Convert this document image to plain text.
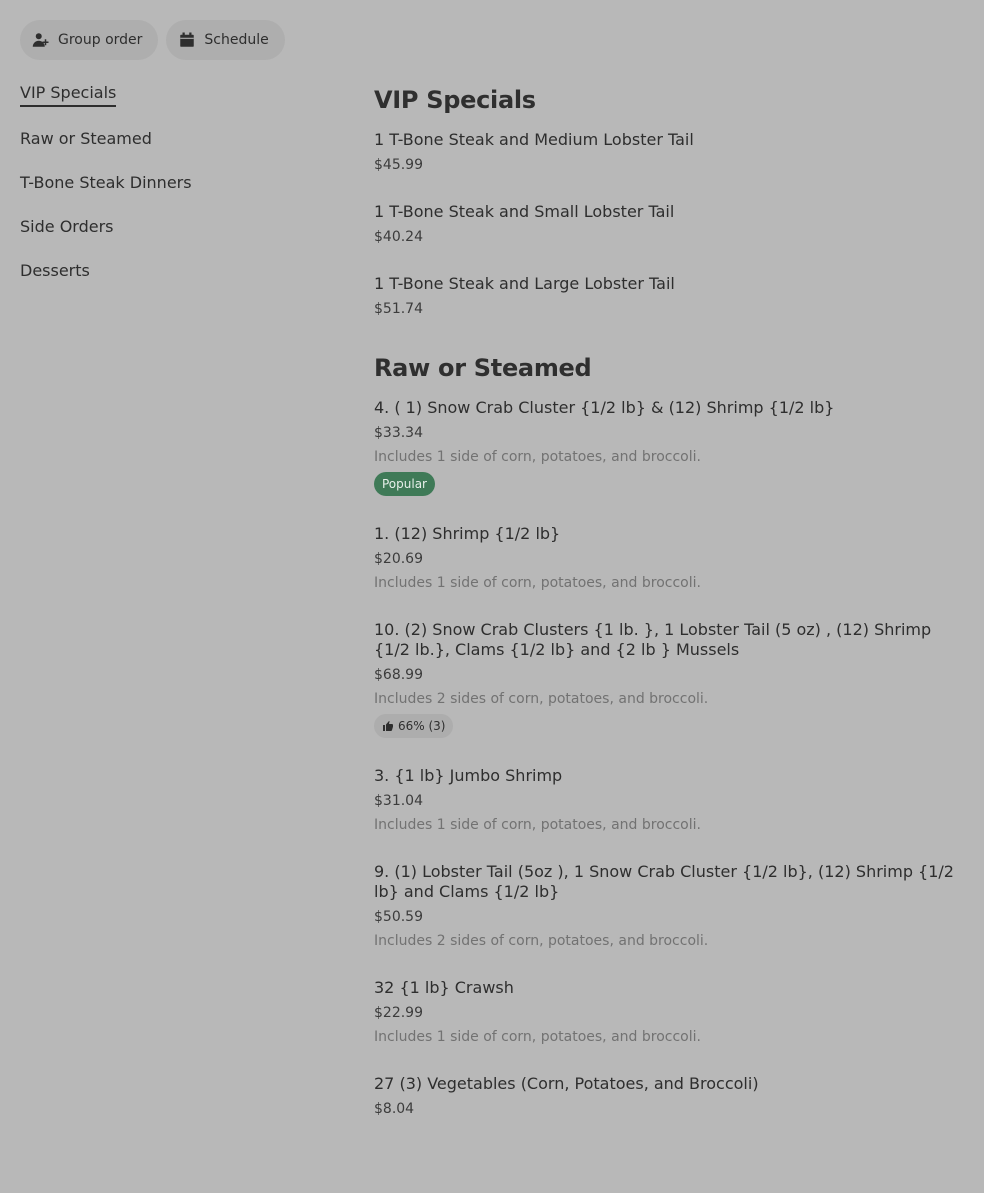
Group order	Schedule
VIP Specials
Raw or Steamed
T-Bone Steak Dinners
Side Orders
Desserts
VIP Specials
1 T-Bone Steak and Medium Lobster Tail
$45.99
1 T-Bone Steak and Small Lobster Tail
$40.24
1 T-Bone Steak and Large Lobster Tail
$51.74
Raw or Steamed
4. ( 1) Snow Crab Cluster {1/2 lb} & (12) Shrimp {1/2 lb}
$33.34
Includes 1 side of corn, potatoes, and broccoli.
Popular
1. (12) Shrimp {1/2 lb}
$20.69
Includes 1 side of corn, potatoes, and broccoli.
10. (2) Snow Crab Clusters {1 lb. }, 1 Lobster Tail (5 oz) , (12) Shrimp {1/2 lb.}, Clams {1/2 lb} and {2 lb } Mussels
$68.99
Includes 2 sides of corn, potatoes, and broccoli.
66% (3)
3. {1 lb} Jumbo Shrimp
$31.04
Includes 1 side of corn, potatoes, and broccoli.
9. (1) Lobster Tail (5oz ), 1 Snow Crab Cluster {1/2 lb}, (12) Shrimp {1/2 lb} and Clams {1/2 lb}
$50.59
Includes 2 sides of corn, potatoes, and broccoli.
32 {1 lb} Crawsh
$22.99
Includes 1 side of corn, potatoes, and broccoli.
27 (3) Vegetables (Corn, Potatoes, and Broccoli)
$8.04
